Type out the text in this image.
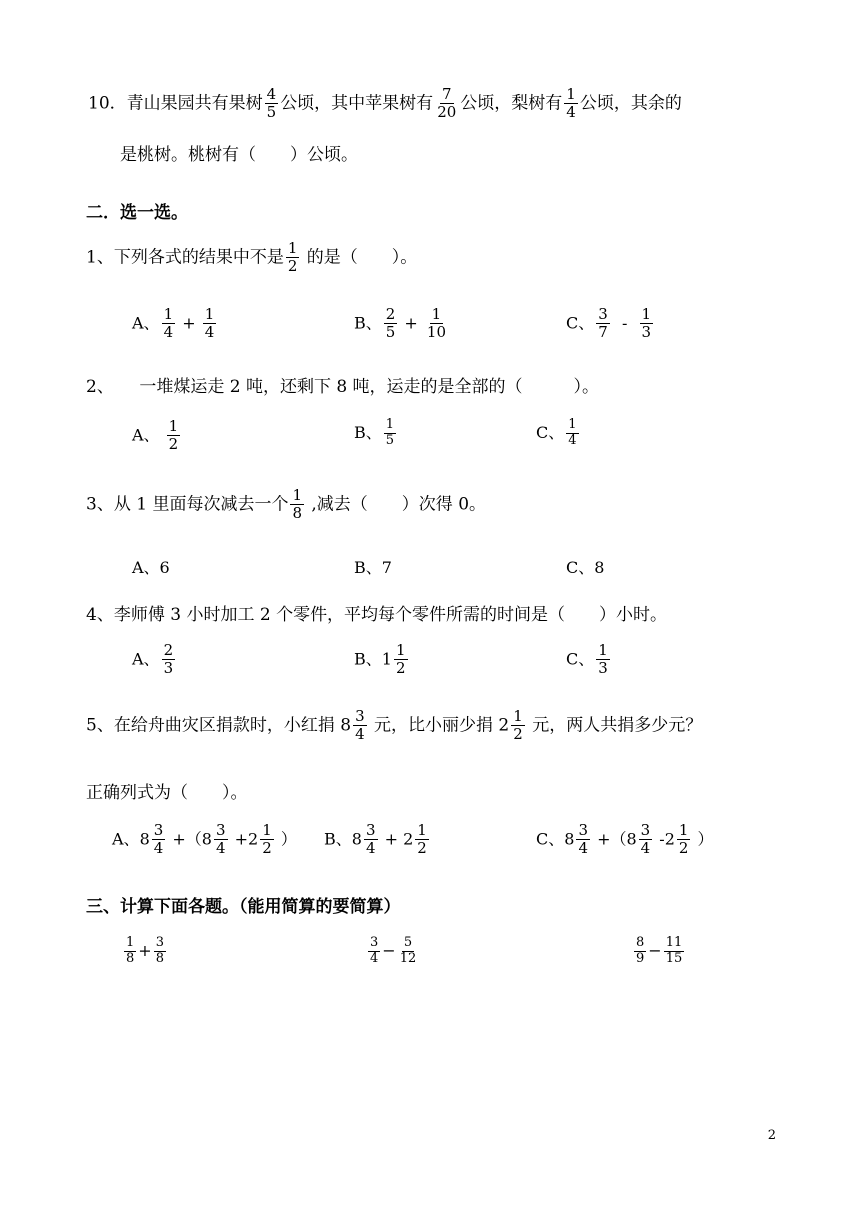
10．青山果园共有果树 $\frac{4}{5}$ 公顷，其中苹果树有 $\frac{7}{20}$ 公顷，梨树有 $\frac{1}{4}$ 公顷，其余的
是桃树。桃树有（　　）公顷。
二．选一选。
1、下列各式的结果中不是 $\frac{1}{2}$ 的是（　　）。
A、 $\frac{1}{4} + \frac{1}{4}$	B、 $\frac{2}{5} + \frac{1}{10}$	C、 $\frac{3}{7} - \frac{1}{3}$
2、　　一堆煤运走 2 吨，还剩下 8 吨，运走的是全部的（　　　）。
A、 $\frac{1}{2}$	B、 $\frac{1}{5}$	C、 $\frac{1}{4}$
3、从 1 里面每次减去一个 $\frac{1}{8}$ ,减去（　　）次得 0。
A、6	B、7	C、8
4、李师傅 3 小时加工 2 个零件，平均每个零件所需的时间是（　　）小时。
A、 $\frac{2}{3}$	B、$1 \frac{1}{2}$	C、 $\frac{1}{3}$
5、在给舟曲灾区捐款时，小红捐 $8 \frac{3}{4}$ 元，比小丽少捐 $2 \frac{1}{2}$ 元，两人共捐多少元？
正确列式为（　　）。
A、$8 \frac{3}{4} +(8 \frac{3}{4} +2 \frac{1}{2}$ ） B、$8 \frac{3}{4} + 2 \frac{1}{2}$	C、$8 \frac{3}{4} +(8 \frac{3}{4} -2 \frac{1}{2}$ ）
三、计算下面各题。（能用简算的要简算）
$\frac{1}{8} + \frac{3}{8}$	$\frac{3}{4} - \frac{5}{12}$	$\frac{8}{9} - \frac{11}{15}$
2
